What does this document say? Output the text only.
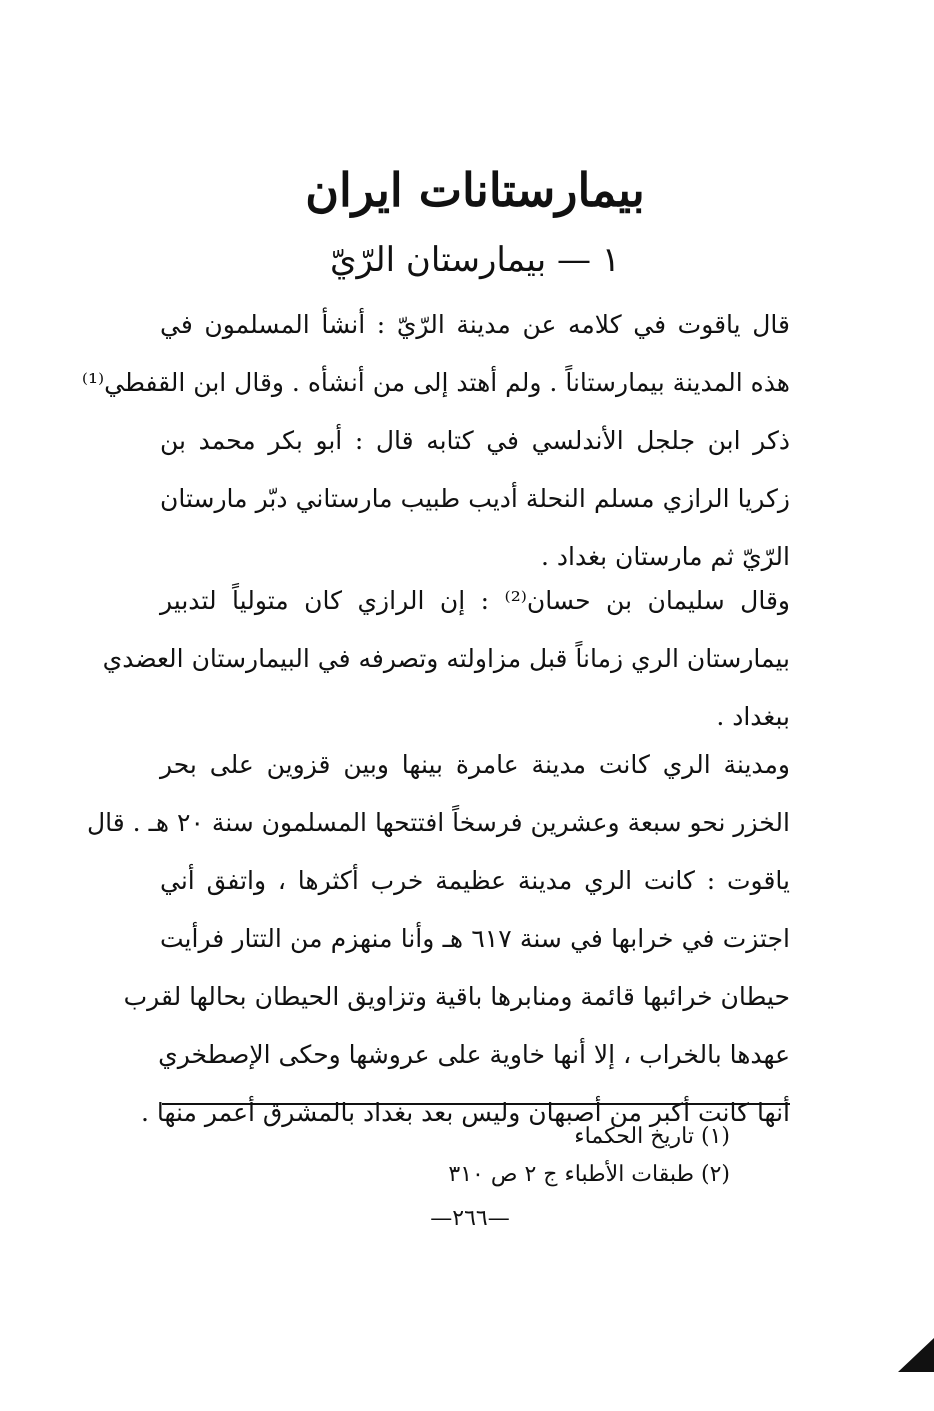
بيمارستانات ايران
١ — بيمارستان الرّيّ
قال ياقوت في كلامه عن مدينة الرّيّ : أنشأ المسلمون في
هذه المدينة بيمارستاناً . ولم أهتد إلى من أنشأه . وقال ابن القفطي⁽¹⁾
ذكر ابن جلجل الأندلسي في كتابه قال : أبو بكر محمد بن
زكريا الرازي مسلم النحلة أديب طبيب مارستاني دبّر مارستان
الرّيّ ثم مارستان بغداد .
وقال سليمان بن حسان⁽²⁾ : إن الرازي كان متولياً لتدبير
بيمارستان الري زماناً قبل مزاولته وتصرفه في البيمارستان العضدي
ببغداد .
ومدينة الري كانت مدينة عامرة بينها وبين قزوين على بحر
الخزر نحو سبعة وعشرين فرسخاً افتتحها المسلمون سنة ٢٠ هـ . قال
ياقوت : كانت الري مدينة عظيمة خرب أكثرها ، واتفق أني
اجتزت في خرابها في سنة ٦١٧ هـ وأنا منهزم من التتار فرأيت
حيطان خرائبها قائمة ومنابرها باقية وتزاويق الحيطان بحالها لقرب
عهدها بالخراب ، إلا أنها خاوية على عروشها وحكى الإصطخري
أنها كانت أكبر من أصبهان وليس بعد بغداد بالمشرق أعمر منها .
(١) تاريخ الحكماء
(٢) طبقات الأطباء ج ٢ ص ٣١٠
—٢٦٦—
